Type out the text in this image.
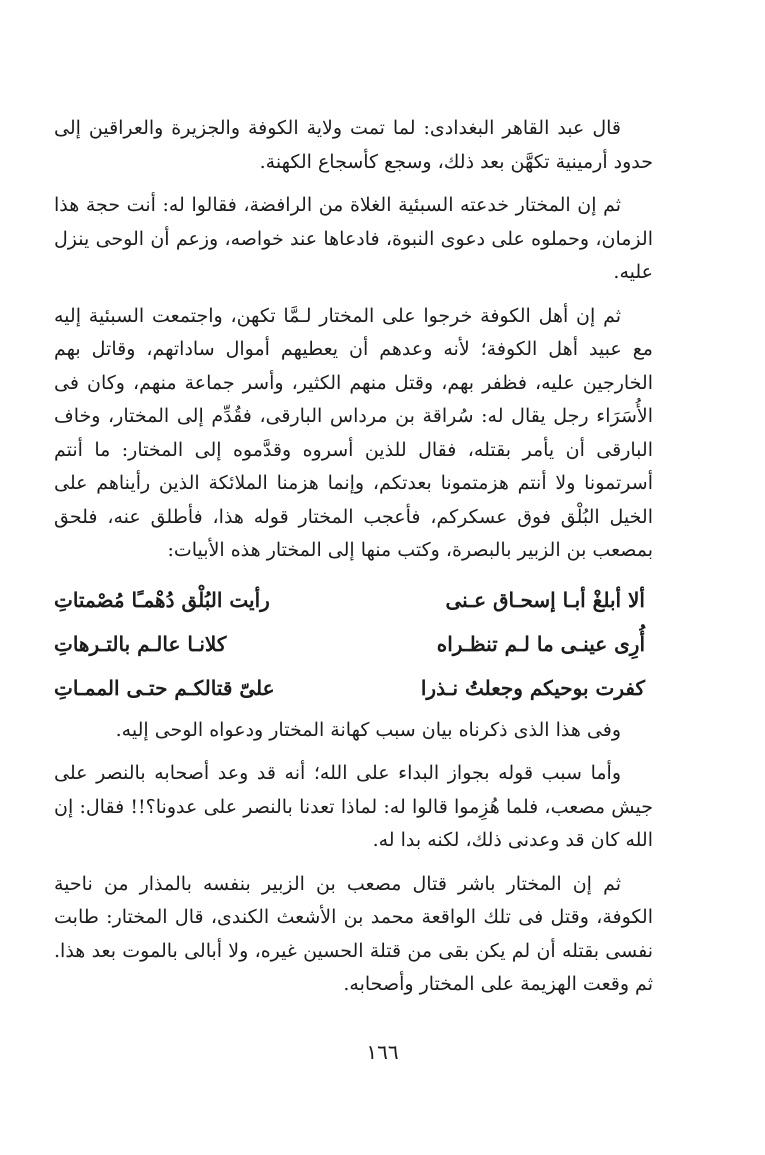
قال عبد القاهر البغدادى: لما تمت ولاية الكوفة والجزيرة والعراقين إلى حدود أرمينية تكهَّن بعد ذلك، وسجع كأسجاع الكهنة.

ثم إن المختار خدعته السبئية الغلاة من الرافضة، فقالوا له: أنت حجة هذا الزمان، وحملوه على دعوى النبوة، فادعاها عند خواصه، وزعم أن الوحى ينزل عليه.

ثم إن أهل الكوفة خرجوا على المختار لـمَّا تكهن، واجتمعت السبئية إليه مع عبيد أهل الكوفة؛ لأنه وعدهم أن يعطيهم أموال ساداتهم، وقاتل بهم الخارجين عليه، فظفر بهم، وقتل منهم الكثير، وأسر جماعة منهم، وكان فى الأُسَرَاء رجل يقال له: سُراقة بن مرداس البارقى، فقُدِّم إلى المختار، وخاف البارقى أن يأمر بقتله، فقال للذين أسروه وقدَّموه إلى المختار: ما أنتم أسرتمونا ولا أنتم هزمتمونا بعدتكم، وإنما هزمنا الملائكة الذين رأيناهم على الخيل البُلْق فوق عسكركم، فأعجب المختار قوله هذا، فأطلق عنه، فلحق بمصعب بن الزبير بالبصرة، وكتب منها إلى المختار هذه الأبيات:

ألا أبلغْ أبـا إسحـاق عـنى
رأيت البُلْق دُهْمـًا مُصْمتاتِ
أُرِى عينـى ما لـم تنظـراه
كلانـا عالـم بالتـرهاتِ
كفرت بوحيكم وجعلتُ نـذرا
علىّ قتالكـم حتـى الممـاتِ

وفى هذا الذى ذكرناه بيان سبب كهانة المختار ودعواه الوحى إليه.

وأما سبب قوله بجواز البداء على الله؛ أنه قد وعد أصحابه بالنصر على جيش مصعب، فلما هُزِموا قالوا له: لماذا تعدنا بالنصر على عدونا؟!! فقال: إن الله كان قد وعدنى ذلك، لكنه بدا له.

ثم إن المختار باشر قتال مصعب بن الزبير بنفسه بالمذار من ناحية الكوفة، وقتل فى تلك الواقعة محمد بن الأشعث الكندى، قال المختار: طابت نفسى بقتله أن لم يكن بقى من قتلة الحسين غيره، ولا أبالى بالموت بعد هذا. ثم وقعت الهزيمة على المختار وأصحابه.

١٦٦
